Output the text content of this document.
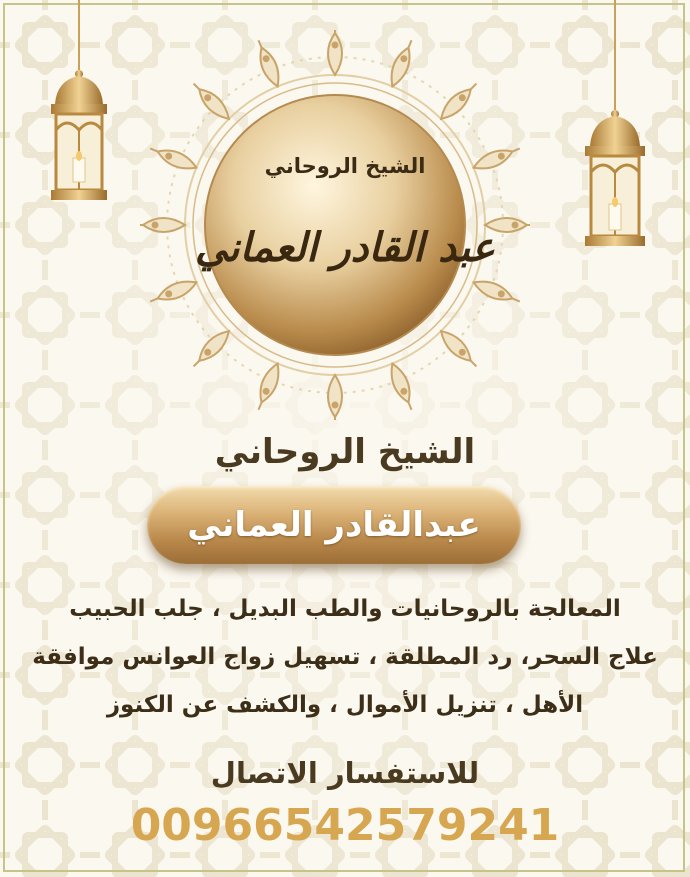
الشيخ الروحاني
عبد القادر العماني
الشيخ الروحاني
عبدالقادر العماني
المعالجة بالروحانيات والطب البديل ، جلب الحبيب
علاج السحر، رد المطلقة ، تسهيل زواج العوانس موافقة
الأهل ، تنزيل الأموال ، والكشف عن الكنوز
للاستفسار الاتصال
00966542579241
